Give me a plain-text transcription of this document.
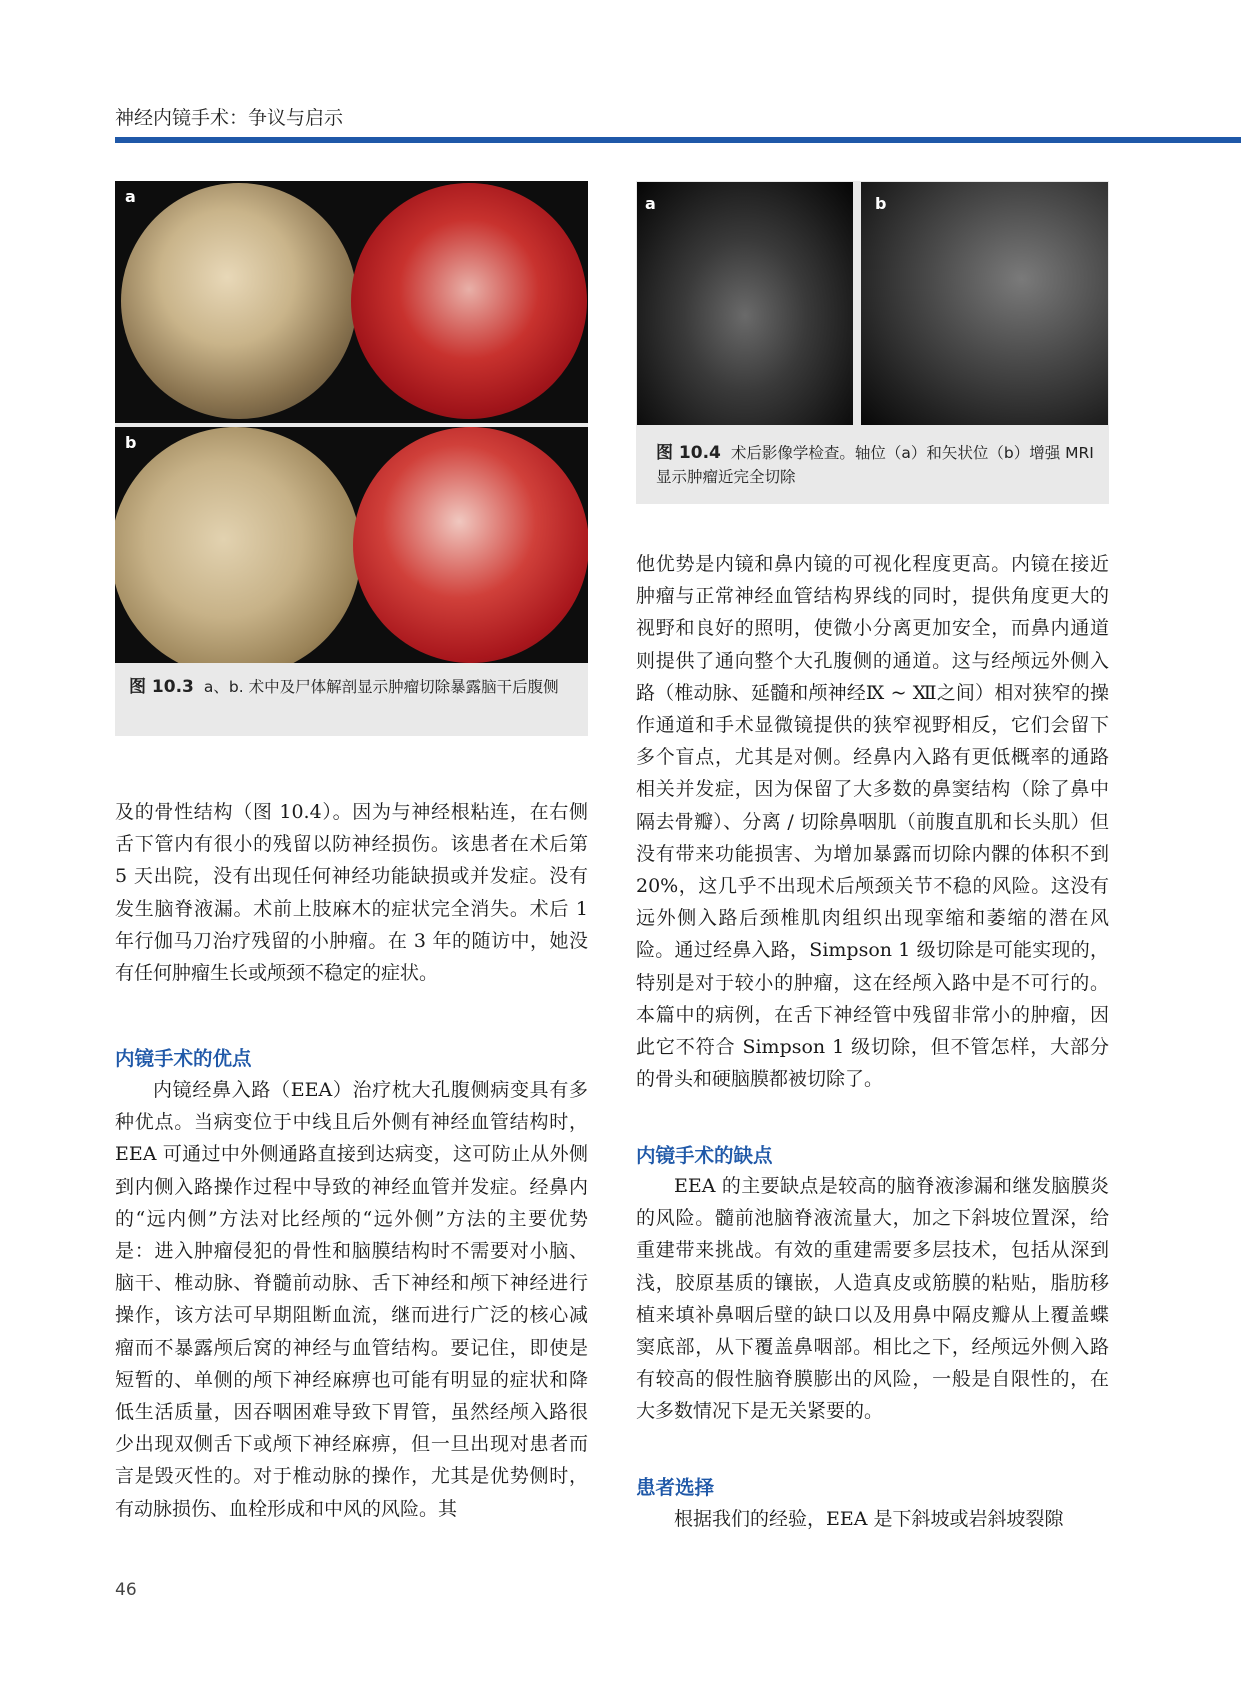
神经内镜手术：争议与启示
a
b
图 10.3 a、b. 术中及尸体解剖显示肿瘤切除暴露脑干后腹侧
a	b
图 10.4 术后影像学检查。轴位（a）和矢状位（b）增强 MRI 显示肿瘤近完全切除

及的骨性结构（图 10.4）。因为与神经根粘连，在右侧舌下管内有很小的残留以防神经损伤。该患者在术后第 5 天出院，没有出现任何神经功能缺损或并发症。没有发生脑脊液漏。术前上肢麻木的症状完全消失。术后 1 年行伽马刀治疗残留的小肿瘤。在 3 年的随访中，她没有任何肿瘤生长或颅颈不稳定的症状。

内镜手术的优点

内镜经鼻入路（EEA）治疗枕大孔腹侧病变具有多种优点。当病变位于中线且后外侧有神经血管结构时，EEA 可通过中外侧通路直接到达病变，这可防止从外侧到内侧入路操作过程中导致的神经血管并发症。经鼻内的“远内侧”方法对比经颅的“远外侧”方法的主要优势是：进入肿瘤侵犯的骨性和脑膜结构时不需要对小脑、脑干、椎动脉、脊髓前动脉、舌下神经和颅下神经进行操作，该方法可早期阻断血流，继而进行广泛的核心减瘤而不暴露颅后窝的神经与血管结构。要记住，即使是短暂的、单侧的颅下神经麻痹也可能有明显的症状和降低生活质量，因吞咽困难导致下胃管，虽然经颅入路很少出现双侧舌下或颅下神经麻痹，但一旦出现对患者而言是毁灭性的。对于椎动脉的操作，尤其是优势侧时，有动脉损伤、血栓形成和中风的风险。其

他优势是内镜和鼻内镜的可视化程度更高。内镜在接近肿瘤与正常神经血管结构界线的同时，提供角度更大的视野和良好的照明，使微小分离更加安全，而鼻内通道则提供了通向整个大孔腹侧的通道。这与经颅远外侧入路（椎动脉、延髓和颅神经Ⅸ ~ Ⅻ之间）相对狭窄的操作通道和手术显微镜提供的狭窄视野相反，它们会留下多个盲点，尤其是对侧。经鼻内入路有更低概率的通路相关并发症，因为保留了大多数的鼻窦结构（除了鼻中隔去骨瓣）、分离 / 切除鼻咽肌（前腹直肌和长头肌）但没有带来功能损害、为增加暴露而切除内髁的体积不到 20%，这几乎不出现术后颅颈关节不稳的风险。这没有远外侧入路后颈椎肌肉组织出现挛缩和萎缩的潜在风险。通过经鼻入路，Simpson 1 级切除是可能实现的，特别是对于较小的肿瘤，这在经颅入路中是不可行的。本篇中的病例，在舌下神经管中残留非常小的肿瘤，因此它不符合 Simpson 1 级切除，但不管怎样，大部分的骨头和硬脑膜都被切除了。

内镜手术的缺点

EEA 的主要缺点是较高的脑脊液渗漏和继发脑膜炎的风险。髓前池脑脊液流量大，加之下斜坡位置深，给重建带来挑战。有效的重建需要多层技术，包括从深到浅，胶原基质的镶嵌，人造真皮或筋膜的粘贴，脂肪移植来填补鼻咽后壁的缺口以及用鼻中隔皮瓣从上覆盖蝶窦底部，从下覆盖鼻咽部。相比之下，经颅远外侧入路有较高的假性脑脊膜膨出的风险，一般是自限性的，在大多数情况下是无关紧要的。

患者选择

根据我们的经验，EEA 是下斜坡或岩斜坡裂隙

46
